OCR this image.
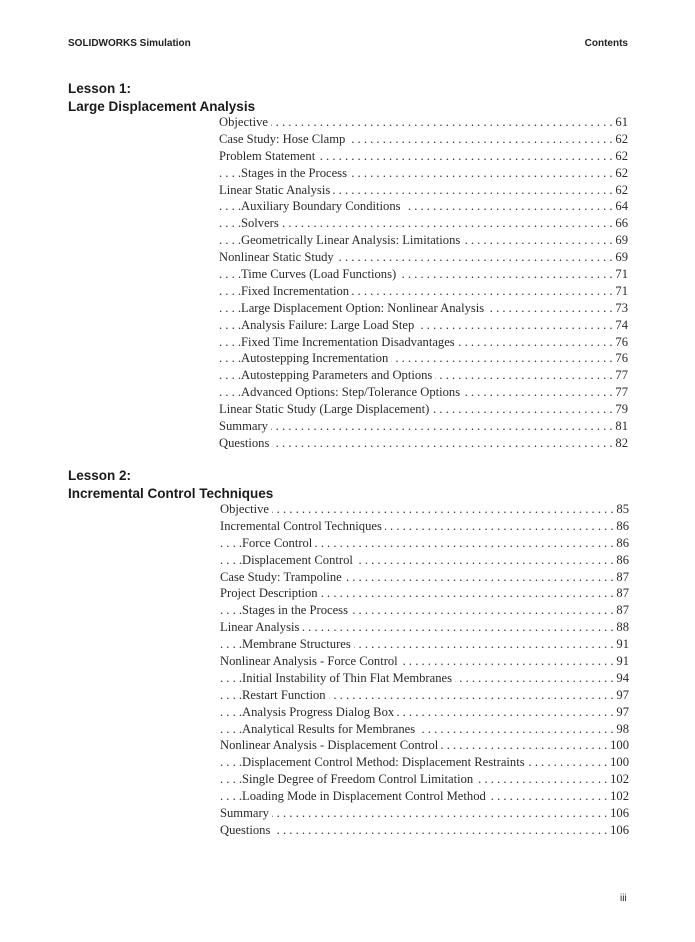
SOLIDWORKS Simulation	Contents
Lesson 1:
Large Displacement Analysis
Objective	61
. . .
Case Study: Hose Clamp	62
. . .
Problem Statement	62
. . .
Stages in the Process	62
. . .
Linear Static Analysis	62
. . .
Auxiliary Boundary Conditions	64
. . .
Solvers	66
. . .
Geometrically Linear Analysis: Limitations	69
. . .
Nonlinear Static Study	69
. . .
Time Curves (Load Functions)	71
. . .
Fixed Incrementation	71
. . .
Large Displacement Option: Nonlinear Analysis	73
. . .
Analysis Failure: Large Load Step	74
. . .
Fixed Time Incrementation Disadvantages	76
. . .
Autostepping Incrementation	76
. . .
Autostepping Parameters and Options	77
. . .
Advanced Options: Step/Tolerance Options	77
. . .
Linear Static Study (Large Displacement)	79
. . .
Summary	81
. . .
Questions	82
. . .
Lesson 2:
Incremental Control Techniques
Objective	85
. . .
Incremental Control Techniques	86
. . .
Force Control	86
. . .
Displacement Control	86
. . .
Case Study: Trampoline	87
. . .
Project Description	87
. . .
Stages in the Process	87
. . .
Linear Analysis	88
. . .
Membrane Structures	91
. . .
Nonlinear Analysis - Force Control	91
. . .
Initial Instability of Thin Flat Membranes	94
. . .
Restart Function	97
. . .
Analysis Progress Dialog Box	97
. . .
Analytical Results for Membranes	98
. . .
Nonlinear Analysis - Displacement Control	100
. . .
Displacement Control Method: Displacement Restraints	100
. . .
Single Degree of Freedom Control Limitation	102
. . .
Loading Mode in Displacement Control Method	102
. . .
Summary	106
. . .
Questions	106
. . .
iii
